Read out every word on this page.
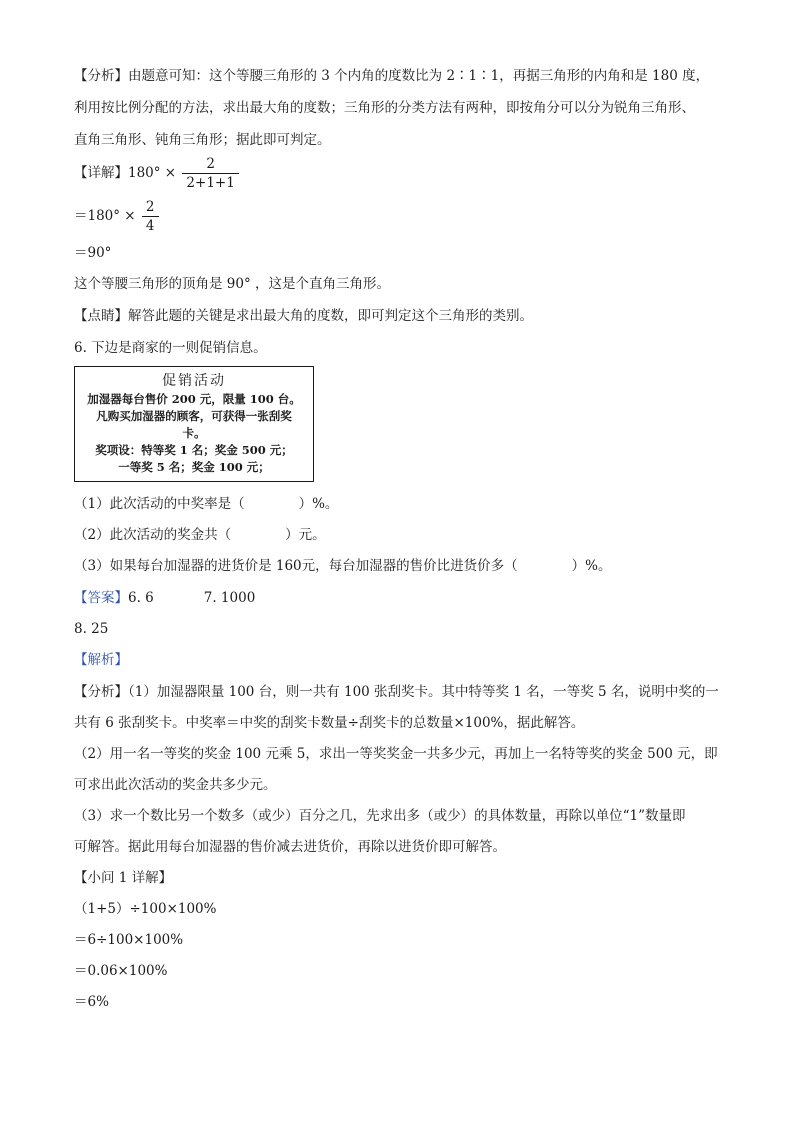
【分析】由题意可知：这个等腰三角形的 3 个内角的度数比为 2∶1∶1，再据三角形的内角和是 180 度，
利用按比例分配的方法，求出最大角的度数；三角形的分类方法有两种，即按角分可以分为锐角三角形、
直角三角形、钝角三角形；据此即可判定。
【详解】$180^\circ \times \frac{2}{2+1+1}$
$=180^\circ \times \frac{2}{4}$
＝90°
这个等腰三角形的顶角是 90° ，这是个直角三角形。
【点睛】解答此题的关键是求出最大角的度数，即可判定这个三角形的类别。
6. 下边是商家的一则促销信息。
促销活动
加湿器每台售价 200 元，限量 100 台。
凡购买加湿器的顾客，可获得一张刮奖
卡。
奖项设：特等奖 1 名；奖金 500 元；
一等奖 5 名；奖金 100 元；
（1）此次活动的中奖率是（　　　　）%。
（2）此次活动的奖金共（　　　　）元。
（3）如果每台加湿器的进货价是 160元，每台加湿器的售价比进货价多（　　　　）%。
【答案】6. 6	7. 1000
8. 25
【解析】
【分析】（1）加湿器限量 100 台，则一共有 100 张刮奖卡。其中特等奖 1 名，一等奖 5 名，说明中奖的一
共有 6 张刮奖卡。中奖率＝中奖的刮奖卡数量÷刮奖卡的总数量×100%，据此解答。
（2）用一名一等奖的奖金 100 元乘 5，求出一等奖奖金一共多少元，再加上一名特等奖的奖金 500 元，即
可求出此次活动的奖金共多少元。
（3）求一个数比另一个数多（或少）百分之几，先求出多（或少）的具体数量，再除以单位“1”数量即
可解答。据此用每台加湿器的售价减去进货价，再除以进货价即可解答。
【小问 1 详解】
（1+5）÷100×100%
＝6÷100×100%
＝0.06×100%
＝6%
